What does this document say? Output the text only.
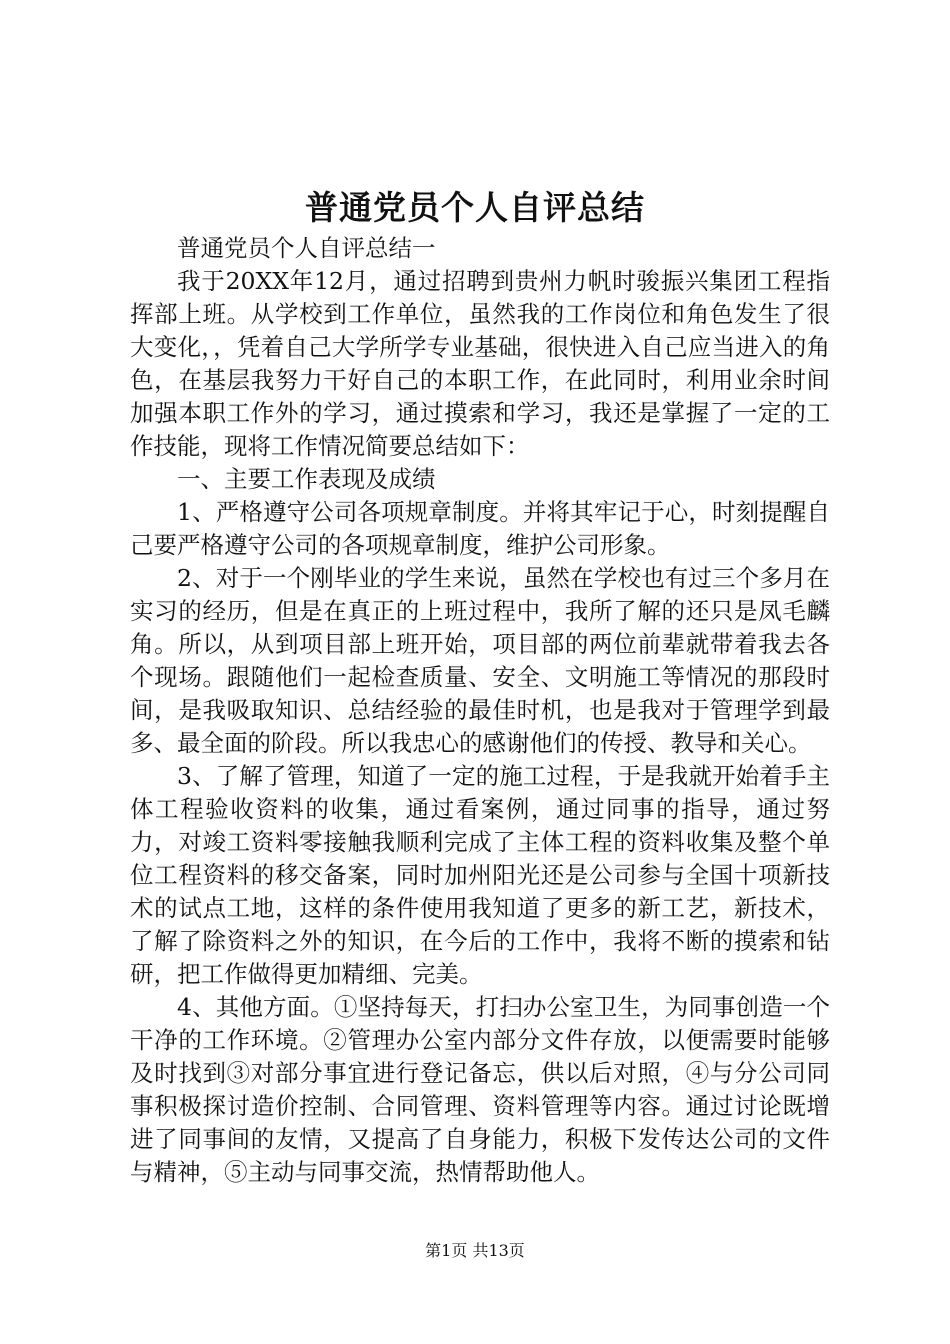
普通党员个人自评总结

普通党员个人自评总结一

我于20XX年12月，通过招聘到贵州力帆时骏振兴集团工程指挥部上班。从学校到工作单位，虽然我的工作岗位和角色发生了很大变化，，凭着自己大学所学专业基础，很快进入自己应当进入的角色，在基层我努力干好自己的本职工作，在此同时，利用业余时间加强本职工作外的学习，通过摸索和学习，我还是掌握了一定的工作技能，现将工作情况简要总结如下：

一、主要工作表现及成绩

1、严格遵守公司各项规章制度。并将其牢记于心，时刻提醒自己要严格遵守公司的各项规章制度，维护公司形象。

2、对于一个刚毕业的学生来说，虽然在学校也有过三个多月在实习的经历，但是在真正的上班过程中，我所了解的还只是凤毛麟角。所以，从到项目部上班开始，项目部的两位前辈就带着我去各个现场。跟随他们一起检查质量、安全、文明施工等情况的那段时间，是我吸取知识、总结经验的最佳时机，也是我对于管理学到最多、最全面的阶段。所以我忠心的感谢他们的传授、教导和关心。

3、了解了管理，知道了一定的施工过程，于是我就开始着手主体工程验收资料的收集，通过看案例，通过同事的指导，通过努力，对竣工资料零接触我顺利完成了主体工程的资料收集及整个单位工程资料的移交备案，同时加州阳光还是公司参与全国十项新技术的试点工地，这样的条件使用我知道了更多的新工艺，新技术，了解了除资料之外的知识，在今后的工作中，我将不断的摸索和钻研，把工作做得更加精细、完美。

4、其他方面。①坚持每天，打扫办公室卫生，为同事创造一个干净的工作环境。②管理办公室内部分文件存放，以便需要时能够及时找到③对部分事宜进行登记备忘，供以后对照，④与分公司同事积极探讨造价控制、合同管理、资料管理等内容。通过讨论既增进了同事间的友情，又提高了自身能力，积极下发传达公司的文件与精神，⑤主动与同事交流，热情帮助他人。

第1页 共13页
